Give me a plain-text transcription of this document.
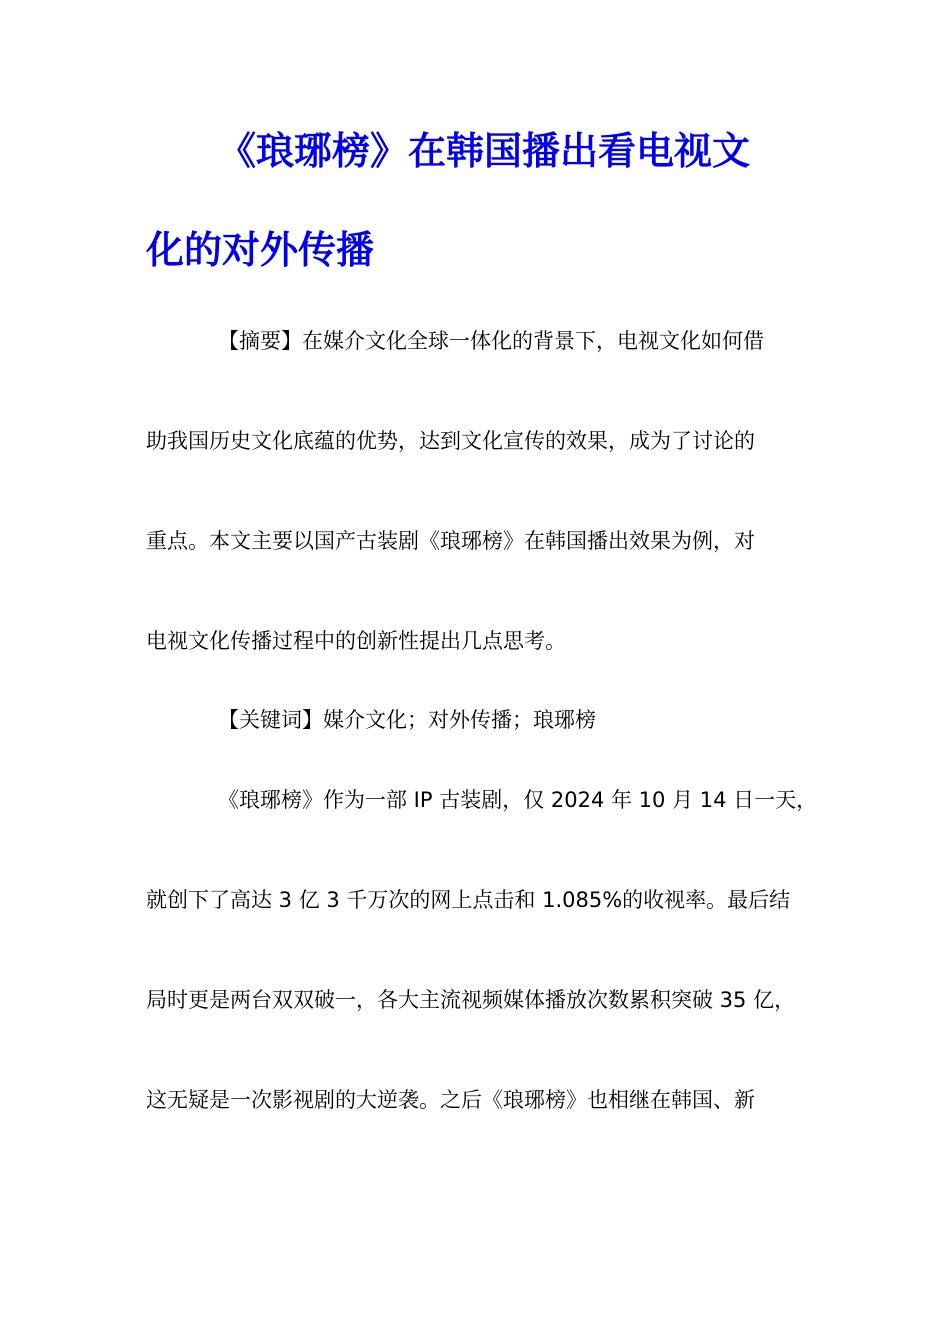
《琅琊榜》在韩国播出看电视文
化的对外传播

【摘要】在媒介文化全球一体化的背景下，电视文化如何借

助我国历史文化底蕴的优势，达到文化宣传的效果，成为了讨论的

重点。本文主要以国产古装剧《琅琊榜》在韩国播出效果为例，对

电视文化传播过程中的创新性提出几点思考。

【关键词】媒介文化；对外传播；琅琊榜

《琅琊榜》作为一部 IP 古装剧，仅 2024 年 10 月 14 日一天，

就创下了高达 3 亿 3 千万次的网上点击和 1.085%的收视率。最后结

局时更是两台双双破一，各大主流视频媒体播放次数累积突破 35 亿，

这无疑是一次影视剧的大逆袭。之后《琅琊榜》也相继在韩国、新
